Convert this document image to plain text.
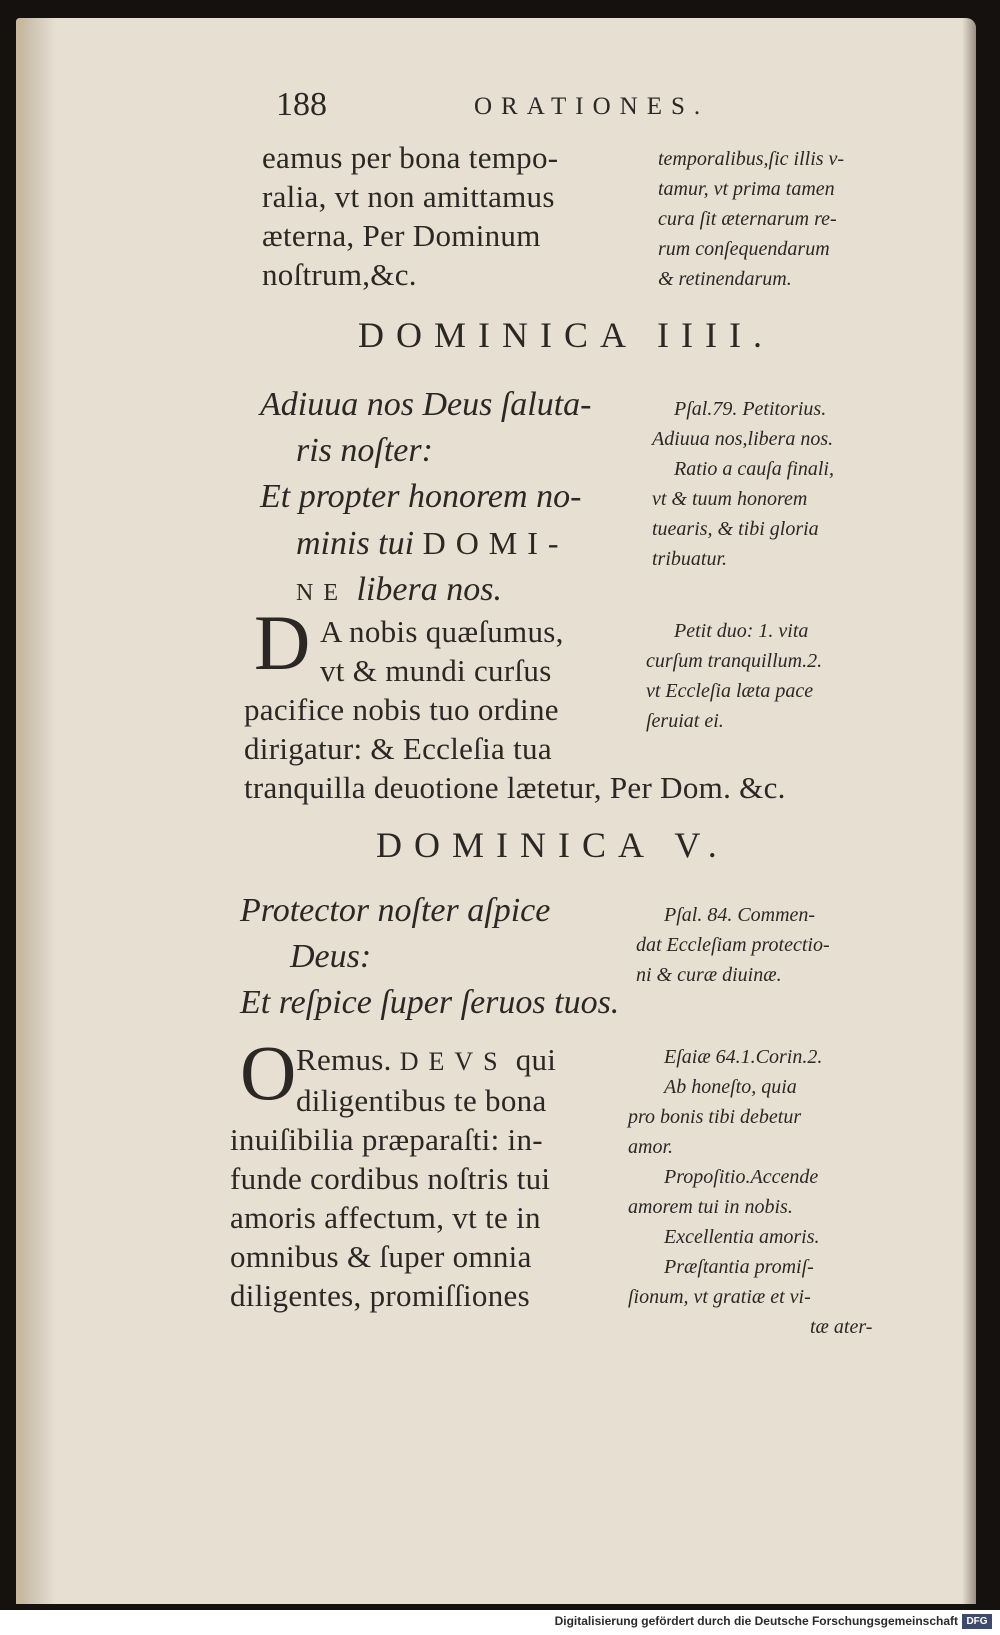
188	ORATIONES.
eamus per bona tempo-
ralia, vt non amittamus
æterna, Per Dominum
noſtrum,&c.
temporalibus,ſic illis v-
tamur, vt prima tamen
cura ſit æternarum re-
rum conſequendarum
& retinendarum.
DOMINICA IIII.
Adiuua nos Deus ſaluta-
ris noſter:
Et propter honorem no-
minis tui DOMI-
NE libera nos.
Pſal.79. Petitorius.
Adiuua nos,libera nos.
Ratio a cauſa finali,
vt & tuum honorem
tuearis, & tibi gloria
tribuatur.
D A nobis quæſumus,
vt & mundi curſus
pacifice nobis tuo ordine
dirigatur: & Eccleſia tua
tranquilla deuotione lætetur, Per Dom. &c.
Petit duo: 1. vita
curſum tranquillum.2.
vt Eccleſia læta pace
ſeruiat ei.
DOMINICA V.
Protector noſter aſpice
Deus:
Et reſpice ſuper ſeruos tuos.
Pſal. 84. Commen-
dat Eccleſiam protectio-
ni & curæ diuinæ.
O Remus. DEVS qui
diligentibus te bona
inuiſibilia præparaſti: in-
funde cordibus noſtris tui
amoris affectum, vt te in
omnibus & ſuper omnia
diligentes, promiſſiones
Eſaiæ 64.1.Corin.2.
Ab honeſto, quia
pro bonis tibi debetur
amor.
Propoſitio.Accende
amorem tui in nobis.
Excellentia amoris.
Præſtantia promiſ-
ſionum, vt gratiæ et vi-
tæ ater-
Digitalisierung gefördert durch die Deutsche Forschungsgemeinschaft DFG
